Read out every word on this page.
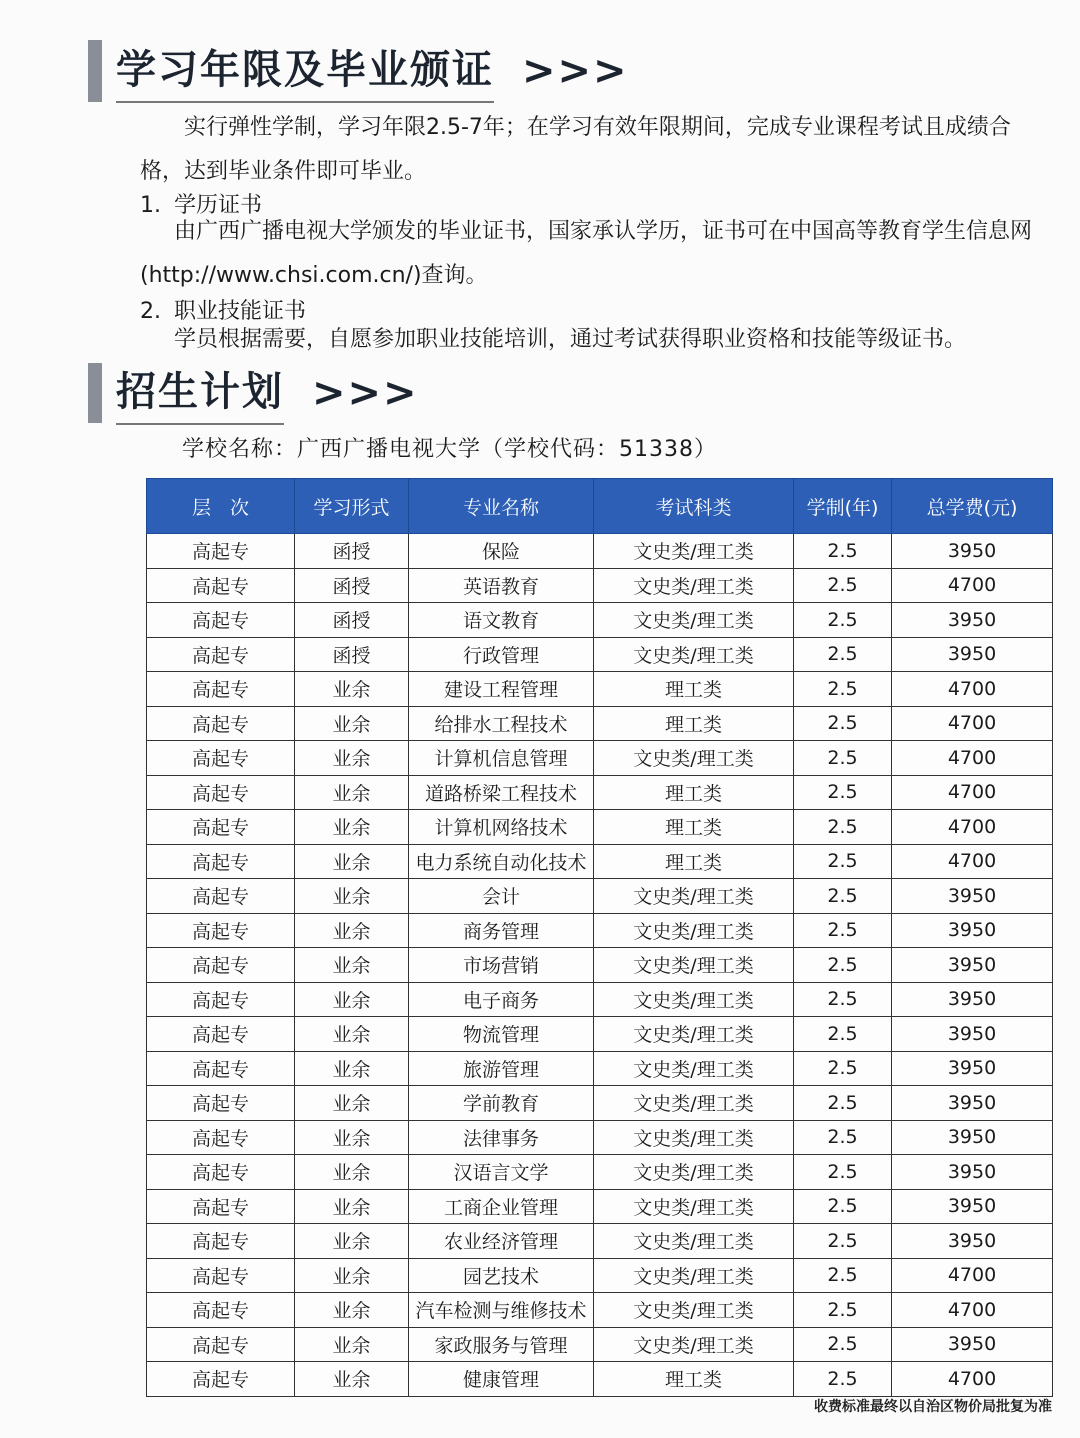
学习年限及毕业颁证 >>>

实行弹性学制，学习年限2.5-7年；在学习有效年限期间，完成专业课程考试且成绩合格，达到毕业条件即可毕业。

1. 学历证书

由广西广播电视大学颁发的毕业证书，国家承认学历，证书可在中国高等教育学生信息网(http://www.chsi.com.cn/)查询。

2. 职业技能证书

学员根据需要，自愿参加职业技能培训，通过考试获得职业资格和技能等级证书。

招生计划 >>>
学校名称：广西广播电视大学（学校代码：51338）
层　次	学习形式	专业名称	考试科类	学制(年)	总学费(元)
高起专	函授	保险	文史类/理工类	2.5	3950
高起专	函授	英语教育	文史类/理工类	2.5	4700
高起专	函授	语文教育	文史类/理工类	2.5	3950
高起专	函授	行政管理	文史类/理工类	2.5	3950
高起专	业余	建设工程管理	理工类	2.5	4700
高起专	业余	给排水工程技术	理工类	2.5	4700
高起专	业余	计算机信息管理	文史类/理工类	2.5	4700
高起专	业余	道路桥梁工程技术	理工类	2.5	4700
高起专	业余	计算机网络技术	理工类	2.5	4700
高起专	业余	电力系统自动化技术	理工类	2.5	4700
高起专	业余	会计	文史类/理工类	2.5	3950
高起专	业余	商务管理	文史类/理工类	2.5	3950
高起专	业余	市场营销	文史类/理工类	2.5	3950
高起专	业余	电子商务	文史类/理工类	2.5	3950
高起专	业余	物流管理	文史类/理工类	2.5	3950
高起专	业余	旅游管理	文史类/理工类	2.5	3950
高起专	业余	学前教育	文史类/理工类	2.5	3950
高起专	业余	法律事务	文史类/理工类	2.5	3950
高起专	业余	汉语言文学	文史类/理工类	2.5	3950
高起专	业余	工商企业管理	文史类/理工类	2.5	3950
高起专	业余	农业经济管理	文史类/理工类	2.5	3950
高起专	业余	园艺技术	文史类/理工类	2.5	4700
高起专	业余	汽车检测与维修技术	文史类/理工类	2.5	4700
高起专	业余	家政服务与管理	文史类/理工类	2.5	3950
高起专	业余	健康管理	理工类	2.5	4700
收费标准最终以自治区物价局批复为准
